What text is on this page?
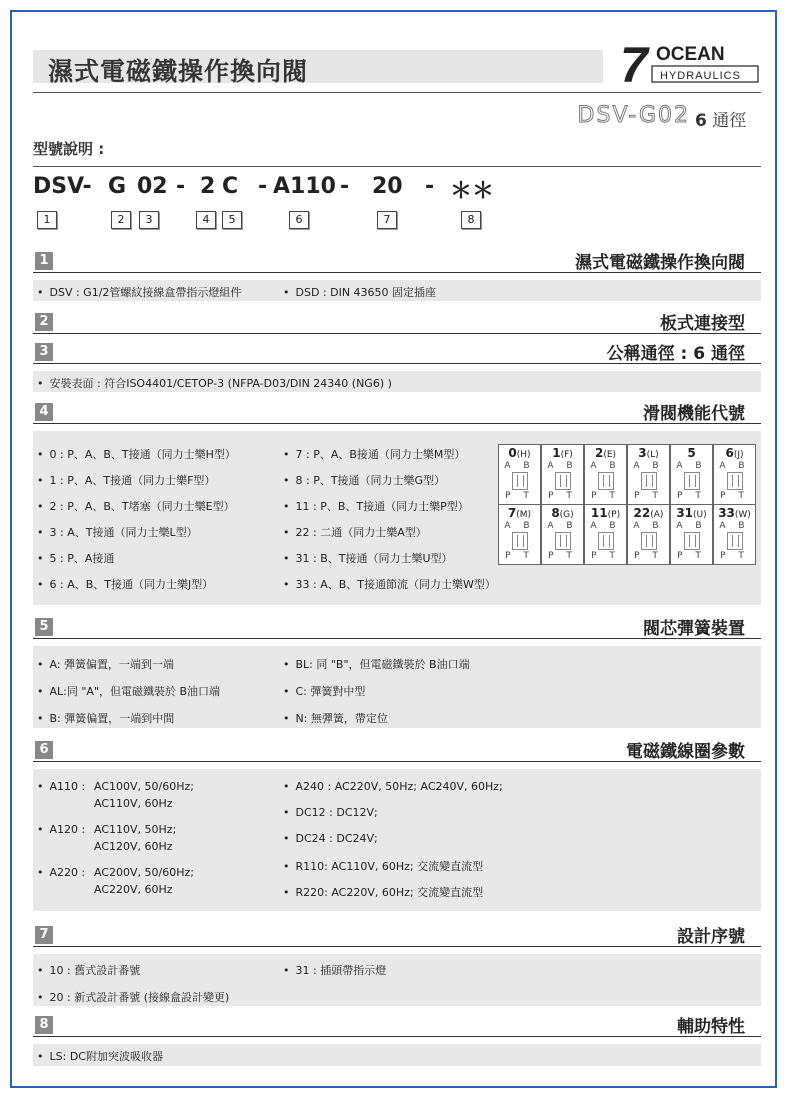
濕式電磁鐵操作換向閥	7 OCEAN
HYDRAULICS
DSV-G02 6 通徑
型號說明 :
DSV- G 02 - 2 C - A110 - 20 - ＊＊
1	2	3	4	5	6	7	8
1	濕式電磁鐵操作換向閥
• DSV : G1/2管螺紋接線盒帶指示燈組件
•	DSD : DIN 43650 固定插座
2	板式連接型
3	公稱通徑 : 6 通徑
• 安裝表面 : 符合ISO4401/CETOP-3 (NFPA-D03/DIN 24340 (NG6) )
4	滑閥機能代號
• 0 : P、A、B、T接通（同力士樂H型）
• 1 : P、A、T接通（同力士樂F型）
• 2 : P、A、B、T堵塞（同力士樂E型）
• 3 : A、T接通（同力士樂L型）
• 5 : P、A接通
• 6 : A、B、T接通（同力士樂J型）
• 7 : P、A、B接通（同力士樂M型）
• 8 : P、T接通（同力士樂G型）
• 11 : P、B、T接通（同力士樂P型）
• 22 : 二通（同力士樂A型）
• 31 : B、T接通（同力士樂U型）
• 33 : A、B、T接通節流（同力士樂W型）
0(H)
A B
P T
1(F)
A B
P T
2(E)
A B
P T
3(L)
A B
P T
5
A B
P T
6(J)
A B
P T
7(M)
A B
P T
8(G)
A B
P T
11(P)
A B
P T
22(A)
A B
P T
31(U)
A B
P T
33(W)
A B
P T
5	閥芯彈簧裝置
• A: 彈簧偏置，一端到一端
• AL:同 "A"，但電磁鐵裝於 B油口端
• B: 彈簧偏置，一端到中間
• BL: 同 "B"，但電磁鐵裝於 B油口端
• C: 彈簧對中型
• N: 無彈簧，帶定位
6	電磁鐵線圈參數
• A110 : AC100V, 50/60Hz;
AC110V, 60Hz
• A120 : AC110V, 50Hz;
AC120V, 60Hz
• A220 : AC200V, 50/60Hz;
AC220V, 60Hz
• A240 : AC220V, 50Hz; AC240V, 60Hz;
• DC12 : DC12V;
• DC24 : DC24V;
• R110: AC110V, 60Hz; 交流變直流型
• R220: AC220V, 60Hz; 交流變直流型
7	設計序號
• 10 : 舊式設計番號
• 20 : 新式設計番號 (接線盒設計變更)
• 31 : 插頭帶指示燈
8	輔助特性
• LS: DC附加突波吸收器
